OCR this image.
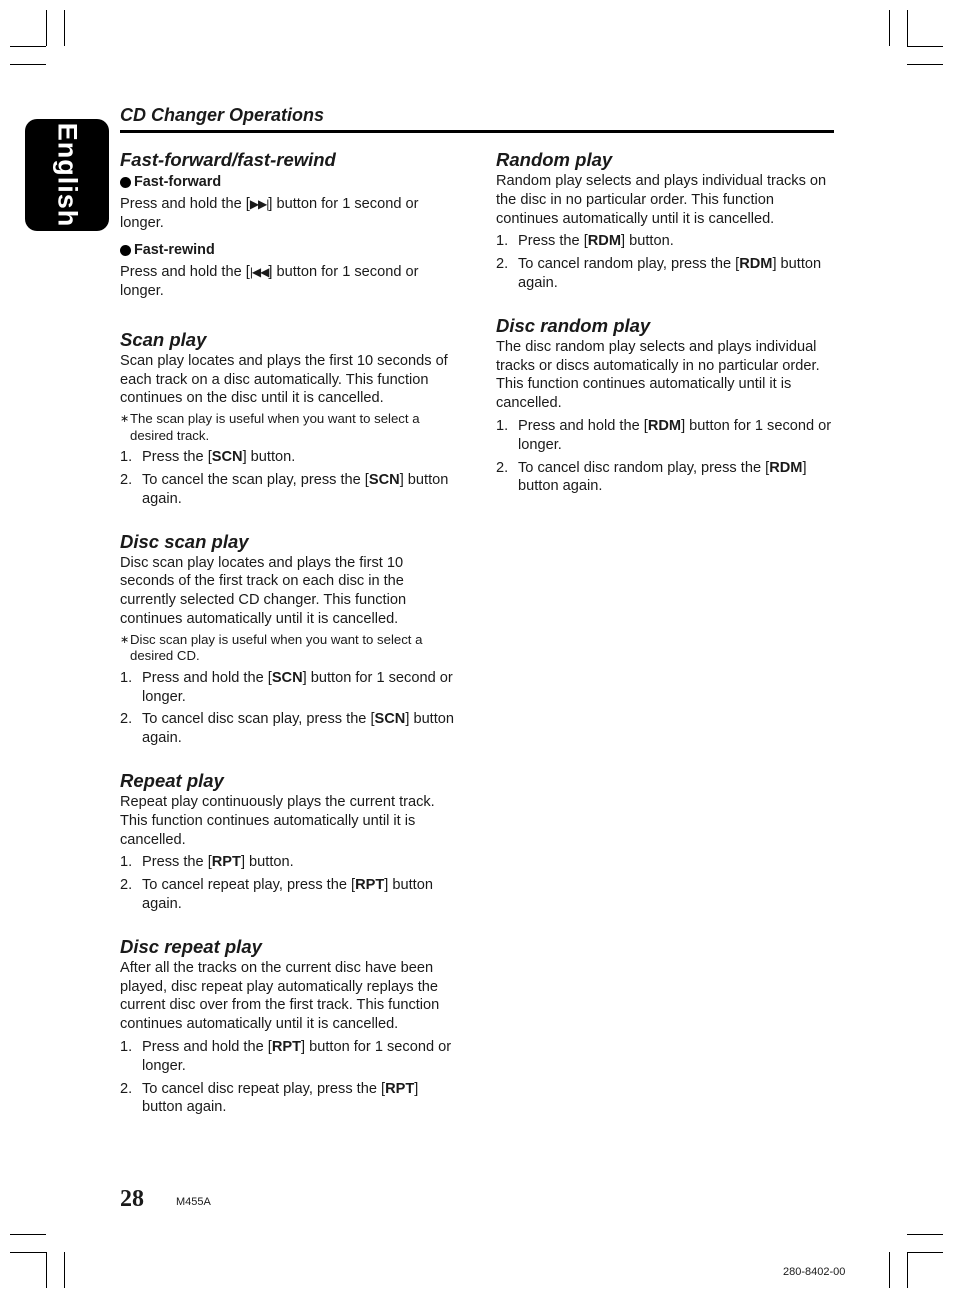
English
CD Changer Operations
Fast-forward/fast-rewind
Fast-forward
Press and hold the [▶▶|] button for 1 second or longer.
Fast-rewind
Press and hold the [|◀◀] button for 1 second or longer.
Scan play
Scan play locates and plays the first 10 seconds of each track on a disc automatically. This function continues on the disc until it is cancelled.
∗ The scan play is useful when you want to select a desired track.
1. Press the [SCN] button.
2. To cancel the scan play, press the [SCN] button again.
Disc scan play
Disc scan play locates and plays the first 10 seconds of the first track on each disc in the currently selected CD changer. This function continues automatically until it is cancelled.
∗ Disc scan play is useful when you want to select a desired CD.
1. Press and hold the [SCN] button for 1 second or longer.
2. To cancel disc scan play, press the [SCN] button again.
Repeat play
Repeat play continuously plays the current track. This function continues automatically until it is cancelled.
1. Press the [RPT] button.
2. To cancel repeat play, press the [RPT] button again.
Disc repeat play
After all the tracks on the current disc have been played, disc repeat play automatically replays the current disc over from the first track. This function continues automatically until it is cancelled.
1. Press and hold the [RPT] button for 1 second or longer.
2. To cancel disc repeat play, press the [RPT] button again.
Random play
Random play selects and plays individual tracks on the disc in no particular order. This function continues automatically until it is cancelled.
1. Press the [RDM] button.
2. To cancel random play, press the [RDM] button again.
Disc random play
The disc random play selects and plays individual tracks or discs automatically in no particular order. This function continues automatically until it is cancelled.
1. Press and hold the [RDM] button for 1 second or longer.
2. To cancel disc random play, press the [RDM] button again.
28	M455A
280-8402-00
